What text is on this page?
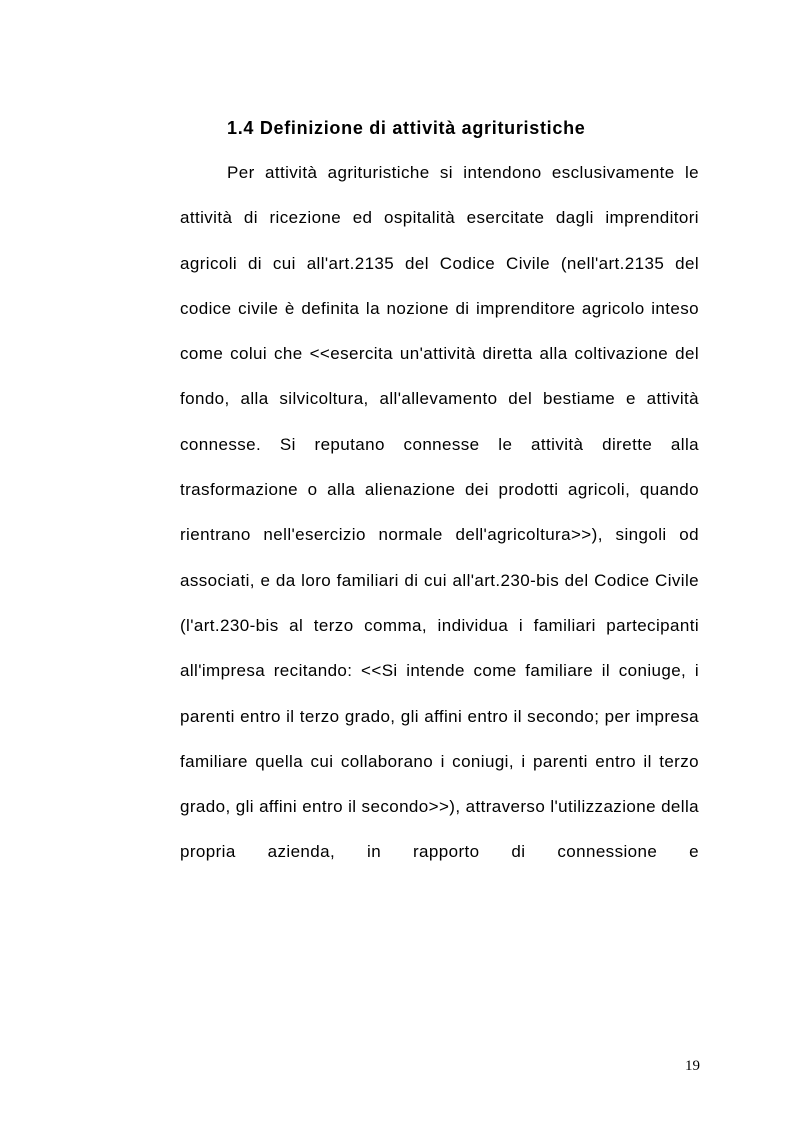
1.4 Definizione di attività agrituristiche

Per attività agrituristiche si intendono esclusivamente le attività di ricezione ed ospitalità esercitate dagli imprenditori agricoli di cui all'art.2135 del Codice Civile (nell'art.2135 del codice civile è definita la nozione di imprenditore agricolo inteso come colui che <<esercita un'attività diretta alla coltivazione del fondo, alla silvicoltura, all'allevamento del bestiame e attività connesse. Si reputano connesse le attività dirette alla trasformazione o alla alienazione dei prodotti agricoli, quando rientrano nell'esercizio normale dell'agricoltura>>), singoli od associati, e da loro familiari di cui all'art.230-bis del Codice Civile (l'art.230-bis al terzo comma, individua i familiari partecipanti all'impresa recitando: <<Si intende come familiare il coniuge, i parenti entro il terzo grado, gli affini entro il secondo; per impresa familiare quella cui collaborano i coniugi, i parenti entro il terzo grado, gli affini entro il secondo>>), attraverso l'utilizzazione della propria azienda, in rapporto di connessione e

19
